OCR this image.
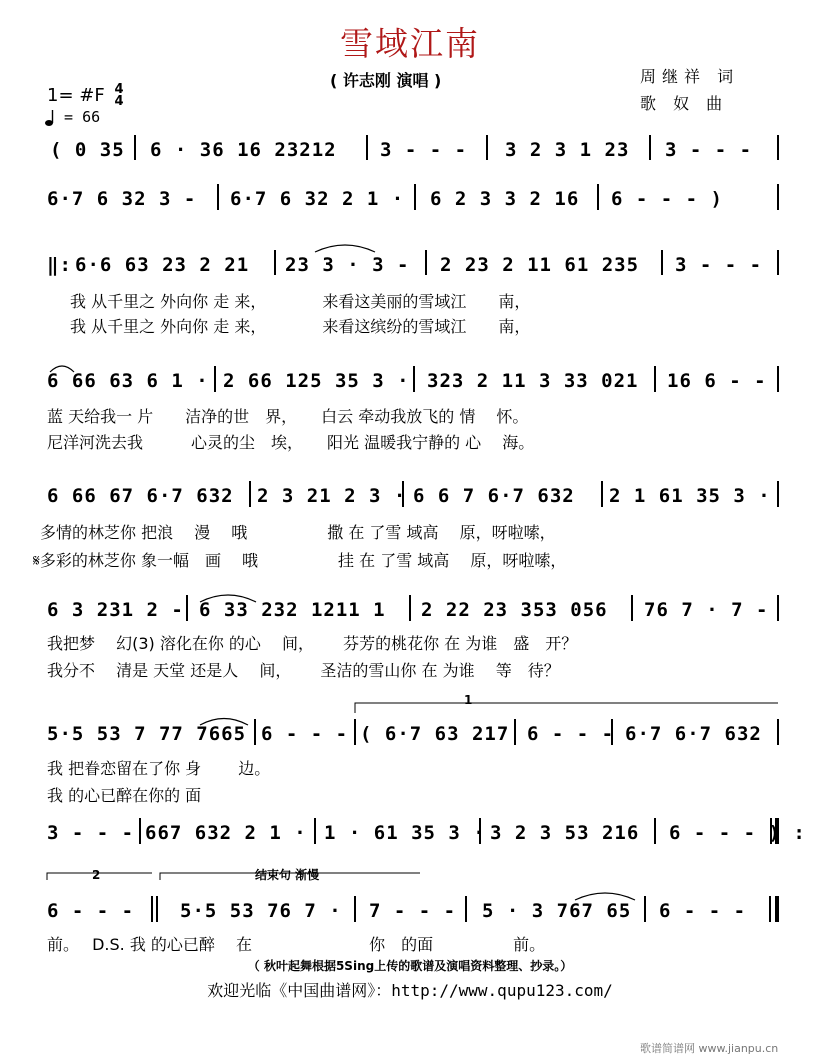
雪域江南
( 许志刚 演唱 )	周继祥 词
歌 奴 曲
1= #F 4
4
= 66
( 0 35 6 · 36 16 23212 3 - - - 3 2 3 1 23 3 - - -
6·7 6 32 3 - 6·7 6 32 2 1 · 6 2 3 3 2 16 6 - - - )
‖: 6·6 63 23 2 21 23 3 · 3 - 2 23 2 11 61 235 3 - - -
我 从千里之 外向你 走 来，　　　　来看这美丽的雪域江　　南，
我 从千里之 外向你 走 来，　　　　来看这缤纷的雪域江　　南，
6 66 63 6 1 · 2 66 125 35 3 · 323 2 11 3 33 021 16 6 - -
蓝 天给我一 片　　洁净的世　界，　　白云 牵动我放飞的 情　 怀。
尼洋河洗去我　　　心灵的尘　埃，　　阳光 温暖我宁静的 心　 海。
6 66 67 6·7 632 2 3 21 2 3 · 6 6 7 6·7 632 2 1 61 35 3 ·
多情的林芝你 把浪　 漫　 哦　　　　　撒 在 了雪 域高　 原，呀啦嗦，
𝄋多彩的林芝你 象一幅　画　 哦　　　　　挂 在 了雪 域高　 原，呀啦嗦，
6 3 231 2 - 6 33 232 1211 1 2 22 23 353 056 76 7 · 7 -
我把梦　 幻(3) 溶化在你 的心　 间，　　 芬芳的桃花你 在 为谁　盛　开？
我分不　 清是 天堂 还是人　 间，　　 圣洁的雪山你 在 为谁　 等　待？
1
5·5 53 7 77 7665 6 - - - ( 6·7 63 217 6 - - - 6·7 6·7 632
我 把眷恋留在了你 身　　 边。
我 的心已醉在你的 面
3 - - - 667 632 2 1 · 1 · 61 35 3 · 3 2 3 53 216 6 - - - ) :
2	结束句 渐慢
6 - - - 5·5 53 76 7 · 7 - - - 5 · 3 767 65 6 - - -
前。　 D.S. 我 的心已醉　 在　　　　　　　 你　的面　　　　　前。
（ 秋叶起舞根据5Sing上传的歌谱及演唱资料整理、抄录。）
欢迎光临《中国曲谱网》：http://www.qupu123.com/
歌谱简谱网 www.jianpu.cn
